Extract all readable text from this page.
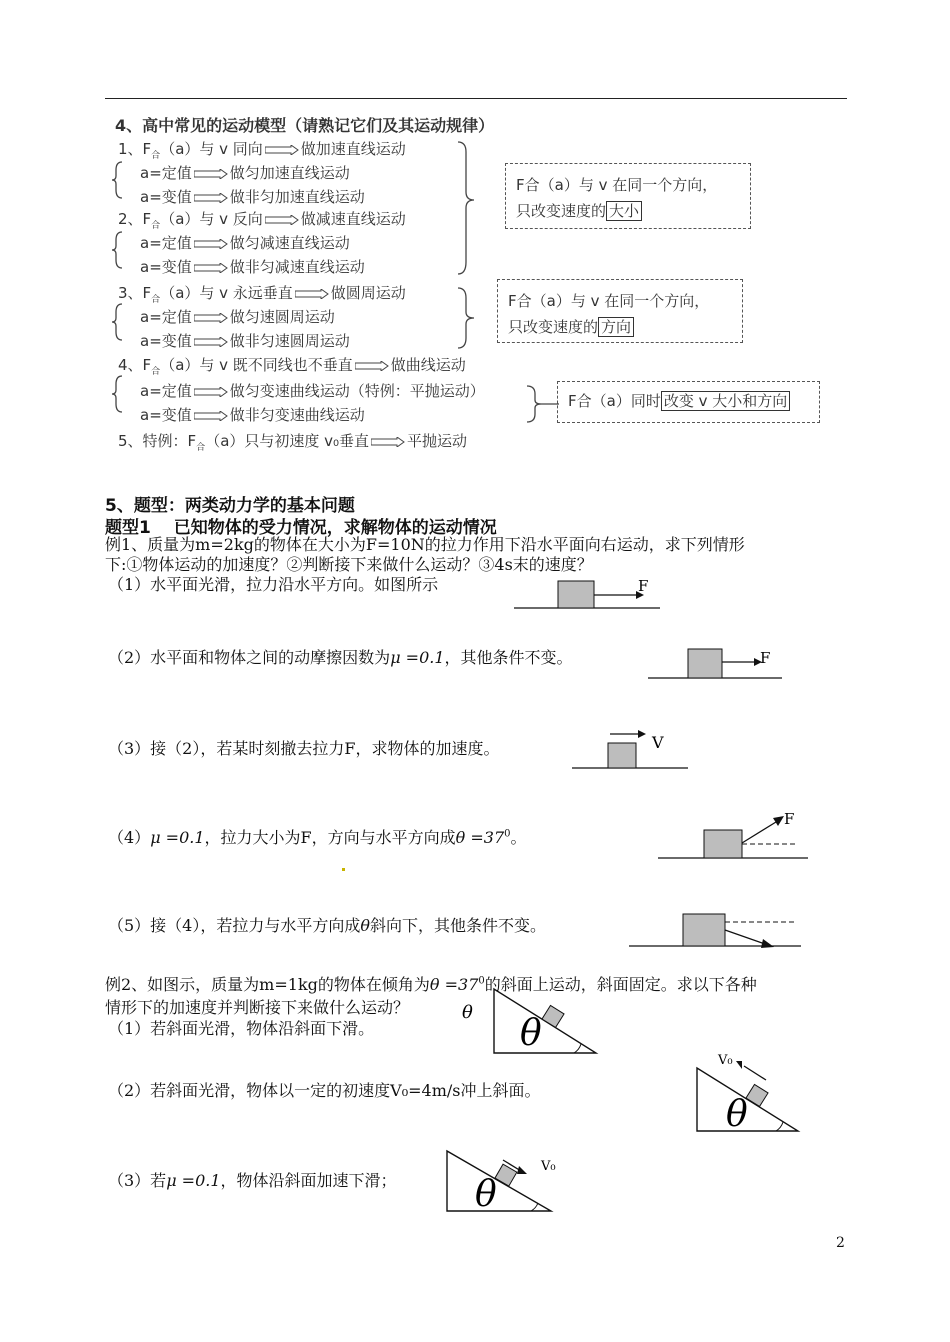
4、高中常见的运动模型（请熟记它们及其运动规律）
1、$F_合(a)$与 v 同向	做加速直线运动
a=定值	做匀加速直线运动
a=变值	做非匀加速直线运动
2、$F_合(a)$与 v 反向	做减速直线运动
a=定值	做匀减速直线运动
a=变值	做非匀减速直线运动
3、$F_合(a)$与 v 永远垂直	做圆周运动
a=定值	做匀速圆周运动
a=变值	做非匀速圆周运动
4、$F_合(a)$与 v 既不同线也不垂直	做曲线运动
a=定值	做匀变速曲线运动（特例：平抛运动）
a=变值	做非匀变速曲线运动
5、特例：$F_合(a)$只与初速度 v₀垂直	平抛运动
F合（a）与 v 在同一个方向，
只改变速度的 大小
F合（a）与 v 在同一个方向，
只改变速度的 方向
F合（a）同时 改变 v 大小和方向
5、题型：两类动力学的基本问题
题型1　 已知物体的受力情况，求解物体的运动情况
例1、质量为m=2kg的物体在大小为F=10N的拉力作用下沿水平面向右运动，求下列情形
下:①物体运动的加速度？②判断接下来做什么运动？③4s末的速度？
（1）水平面光滑，拉力沿水平方向。如图所示	F
（2）水平面和物体之间的动摩擦因数为μ =0.1，其他条件不变。	F
（3）接（2），若某时刻撤去拉力F，求物体的加速度。	V
（4）μ =0.1，拉力大小为F，方向与水平方向成$\theta =37^0$。
F
（5）接（4），若拉力与水平方向成θ斜向下，其他条件不变。
例2、如图示，质量为m=1kg的物体在倾角为$\theta =37^0$的斜面上运动，斜面固定。求以下各种
情形下的加速度并判断接下来做什么运动？	θ
（1）若斜面光滑，物体沿斜面下滑。	θ
（2）若斜面光滑，物体以一定的初速度V₀=4m/s冲上斜面。
V₀
θ
（3）若μ =0.1，物体沿斜面加速下滑；
V₀
θ
2
